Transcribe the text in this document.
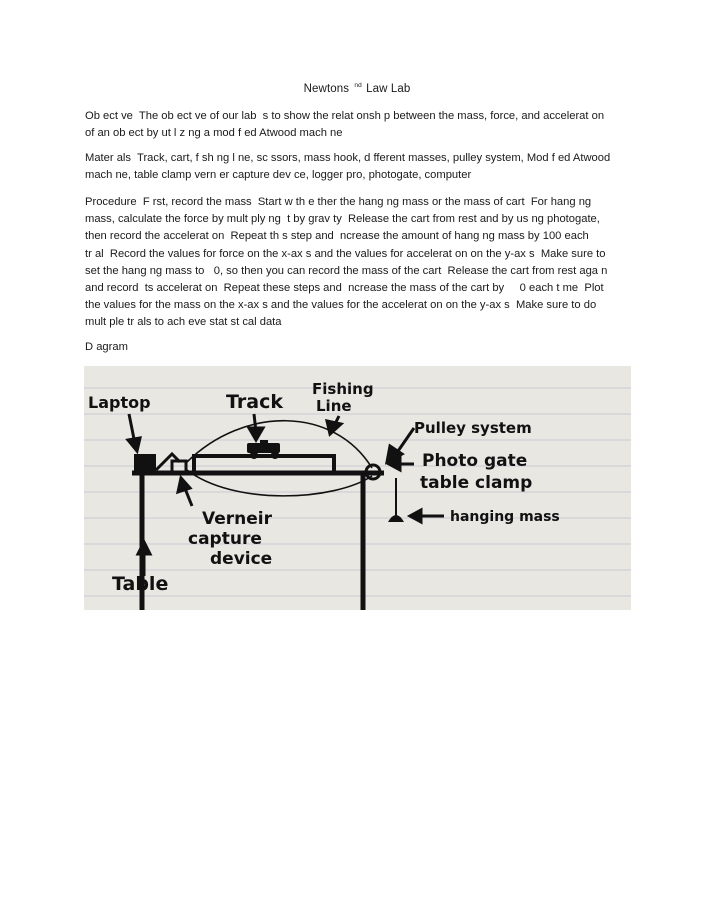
Newtons $^{nd}$ Law Lab

Ob ect ve  The ob ect ve of our lab  s to show the relat onsh p between the mass, force, and accelerat on
of an ob ect by ut l z ng a mod f ed Atwood mach ne

Mater als  Track, cart, f sh ng l ne, sc ssors, mass hook, d fferent masses, pulley system, Mod f ed Atwood
mach ne, table clamp vern er capture dev ce, logger pro, photogate, computer

Procedure  F rst, record the mass  Start w th e ther the hang ng mass or the mass of cart  For hang ng
mass, calculate the force by mult ply ng  t by grav ty  Release the cart from rest and by us ng photogate,
then record the accelerat on  Repeat th s step and  ncrease the amount of hang ng mass by 100 each
tr al  Record the values for force on the x-ax s and the values for accelerat on on the y-ax s  Make sure to
set the hang ng mass to   0, so then you can record the mass of the cart  Release the cart from rest aga n
and record  ts accelerat on  Repeat these steps and  ncrease the mass of the cart by     0 each t me  Plot
the values for the mass on the x-ax s and the values for the accelerat on on the y-ax s  Make sure to do
mult ple tr als to ach eve stat st cal data

D agram

Laptop	Track
Fishing
Line
Pulley system
Photo gate
table clamp
hanging mass
Verneir
capture
device
Table
